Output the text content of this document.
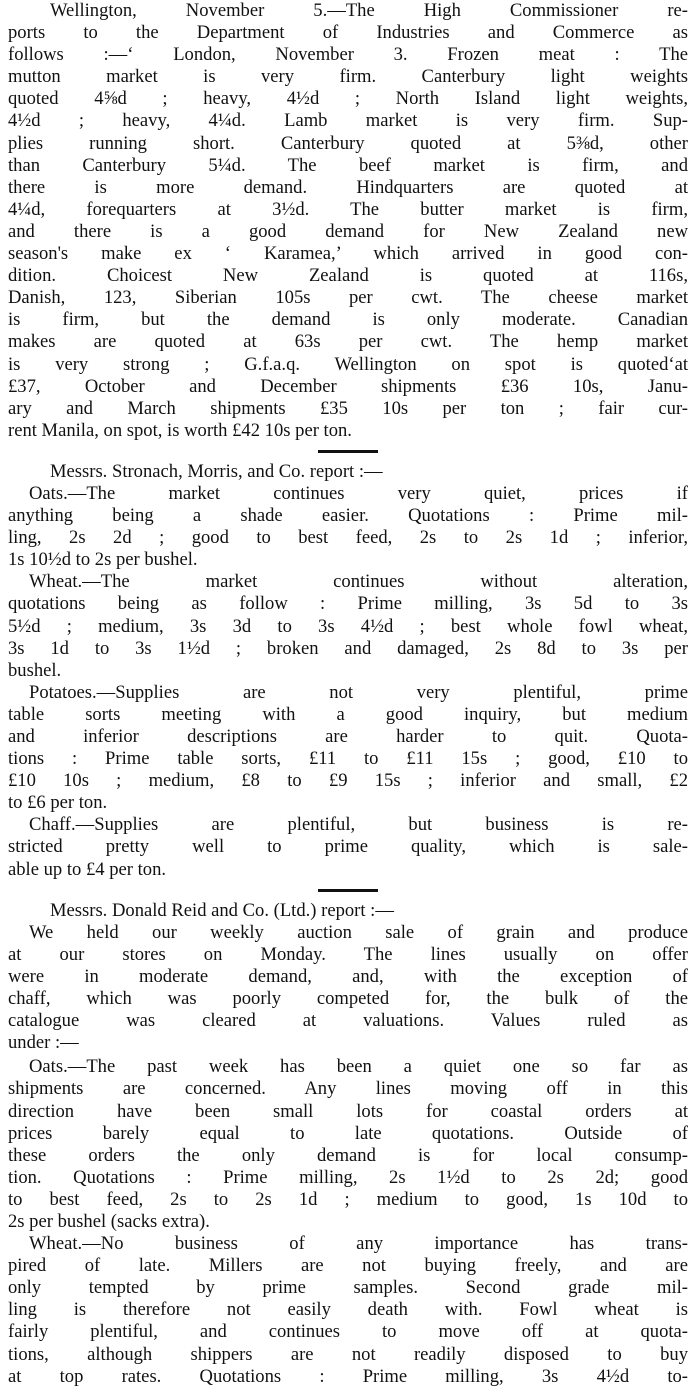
Wellington, November 5.—The High Commissioner re-
ports to the Department of Industries and Commerce as
follows :—‘ London, November 3. Frozen meat : The
mutton market is very firm. Canterbury light weights
quoted 4⅝d ; heavy, 4½d ; North Island light weights,
4½d ; heavy, 4¼d. Lamb market is very firm. Sup-
plies running short. Canterbury quoted at 5⅜d, other
than Canterbury 5¼d. The beef market is firm, and
there is more demand. Hindquarters are quoted at
4¼d, forequarters at 3½d. The butter market is firm,
and there is a good demand for New Zealand new
season's make ex ‘ Karamea,’ which arrived in good con-
dition. Choicest New Zealand is quoted at 116s,
Danish, 123, Siberian 105s per cwt. The cheese market
is firm, but the demand is only moderate. Canadian
makes are quoted at 63s per cwt. The hemp market
is very strong ; G.f.a.q. Wellington on spot is quoted‘at
£37, October and December shipments £36 10s, Janu-
ary and March shipments £35 10s per ton ; fair cur-
rent Manila, on spot, is worth £42 10s per ton.
Messrs. Stronach, Morris, and Co. report :—
Oats.—The market continues very quiet, prices if
anything being a shade easier. Quotations : Prime mil-
ling, 2s 2d ; good to best feed, 2s to 2s 1d ; inferior,
1s 10½d to 2s per bushel.
Wheat.—The market continues without alteration,
quotations being as follow : Prime milling, 3s 5d to 3s
5½d ; medium, 3s 3d to 3s 4½d ; best whole fowl wheat,
3s 1d to 3s 1½d ; broken and damaged, 2s 8d to 3s per
bushel.
Potatoes.—Supplies are not very plentiful, prime
table sorts meeting with a good inquiry, but medium
and inferior descriptions are harder to quit. Quota-
tions : Prime table sorts, £11 to £11 15s ; good, £10 to
£10 10s ; medium, £8 to £9 15s ; inferior and small, £2
to £6 per ton.
Chaff.—Supplies are plentiful, but business is re-
stricted pretty well to prime quality, which is sale-
able up to £4 per ton.
Messrs. Donald Reid and Co. (Ltd.) report :—
We held our weekly auction sale of grain and produce
at our stores on Monday. The lines usually on offer
were in moderate demand, and, with the exception of
chaff, which was poorly competed for, the bulk of the
catalogue was cleared at valuations. Values ruled as
under :—
Oats.—The past week has been a quiet one so far as
shipments are concerned. Any lines moving off in this
direction have been small lots for coastal orders at
prices barely equal to late quotations. Outside of
these orders the only demand is for local consump-
tion. Quotations : Prime milling, 2s 1½d to 2s 2d; good
to best feed, 2s to 2s 1d ; medium to good, 1s 10d to
2s per bushel (sacks extra).
Wheat.—No business of any importance has trans-
pired of late. Millers are not buying freely, and are
only tempted by prime samples. Second grade mil-
ling is therefore not easily death with. Fowl wheat is
fairly plentiful, and continues to move off at quota-
tions, although shippers are not readily disposed to buy
at top rates. Quotations : Prime milling, 3s 4½d to-
